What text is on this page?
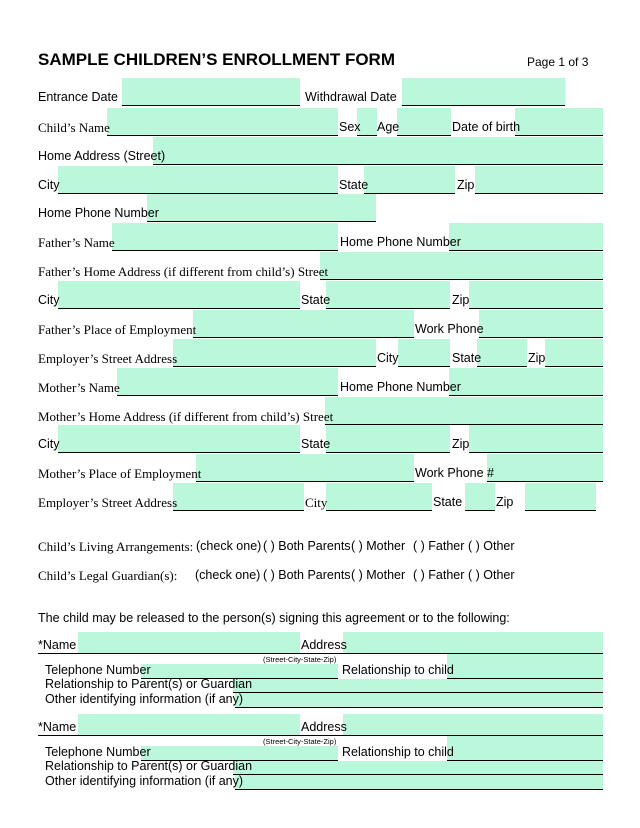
SAMPLE CHILDREN’S ENROLLMENT FORM	Page 1 of 3
Entrance Date	Withdrawal Date
Child’s Name	Sex Age	Date of birth
Home Address (Street)
City	State	Zip
Home Phone Number
Father’s Name	Home Phone Number
Father’s Home Address (if different from child’s) Street
City	State	Zip
Father’s Place of Employment	Work Phone
Employer’s Street Address	City	State	Zip
Mother’s Name	Home Phone Number
Mother’s Home Address (if different from child’s) Street
City	State	Zip
Mother’s Place of Employment	Work Phone #
Employer’s Street Address	City	State	Zip
Child’s Living Arrangements: (check one) ( ) Both Parents ( ) Mother ( ) Father ( ) Other
Child’s Legal Guardian(s): (check one) ( ) Both Parents ( ) Mother ( ) Father ( ) Other
The child may be released to the person(s) signing this agreement or to the following:
*Name	Address
(Street-City-State-Zip)
Telephone Number	Relationship to child
Relationship to Parent(s) or Guardian
Other identifying information (if any)
*Name	Address
(Street-City-State-Zip)
Telephone Number	Relationship to child
Relationship to Parent(s) or Guardian
Other identifying information (if any)
